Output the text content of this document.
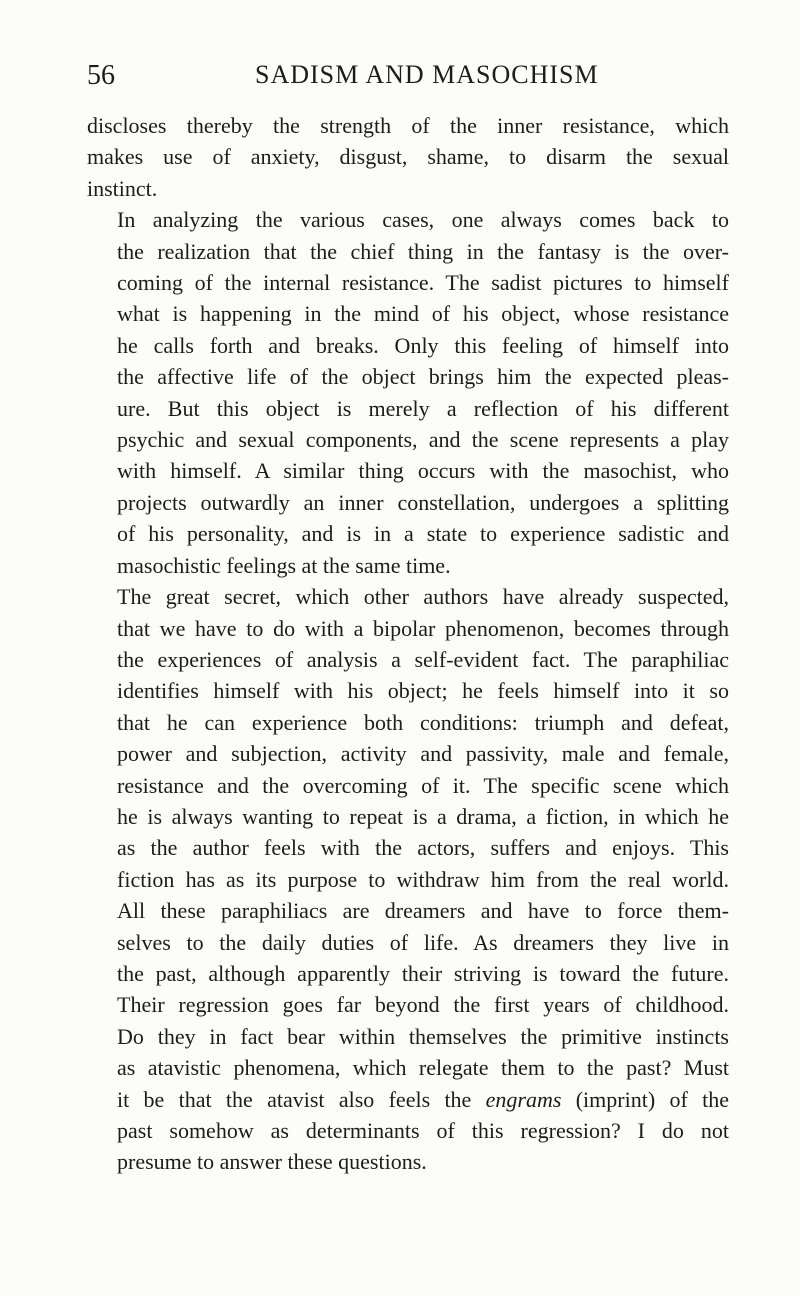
56	SADISM AND MASOCHISM

discloses thereby the strength of the inner resistance, which
makes use of anxiety, disgust, shame, to disarm the sexual
instinct.

In analyzing the various cases, one always comes back to
the realization that the chief thing in the fantasy is the over-
coming of the internal resistance. The sadist pictures to himself
what is happening in the mind of his object, whose resistance
he calls forth and breaks. Only this feeling of himself into
the affective life of the object brings him the expected pleas-
ure. But this object is merely a reflection of his different
psychic and sexual components, and the scene represents a play
with himself. A similar thing occurs with the masochist, who
projects outwardly an inner constellation, undergoes a splitting
of his personality, and is in a state to experience sadistic and
masochistic feelings at the same time.

The great secret, which other authors have already suspected,
that we have to do with a bipolar phenomenon, becomes through
the experiences of analysis a self-evident fact. The paraphiliac
identifies himself with his object; he feels himself into it so
that he can experience both conditions: triumph and defeat,
power and subjection, activity and passivity, male and female,
resistance and the overcoming of it. The specific scene which
he is always wanting to repeat is a drama, a fiction, in which he
as the author feels with the actors, suffers and enjoys. This
fiction has as its purpose to withdraw him from the real world.
All these paraphiliacs are dreamers and have to force them-
selves to the daily duties of life. As dreamers they live in
the past, although apparently their striving is toward the future.
Their regression goes far beyond the first years of childhood.
Do they in fact bear within themselves the primitive instincts
as atavistic phenomena, which relegate them to the past? Must
it be that the atavist also feels the engrams (imprint) of the
past somehow as determinants of this regression? I do not
presume to answer these questions.
